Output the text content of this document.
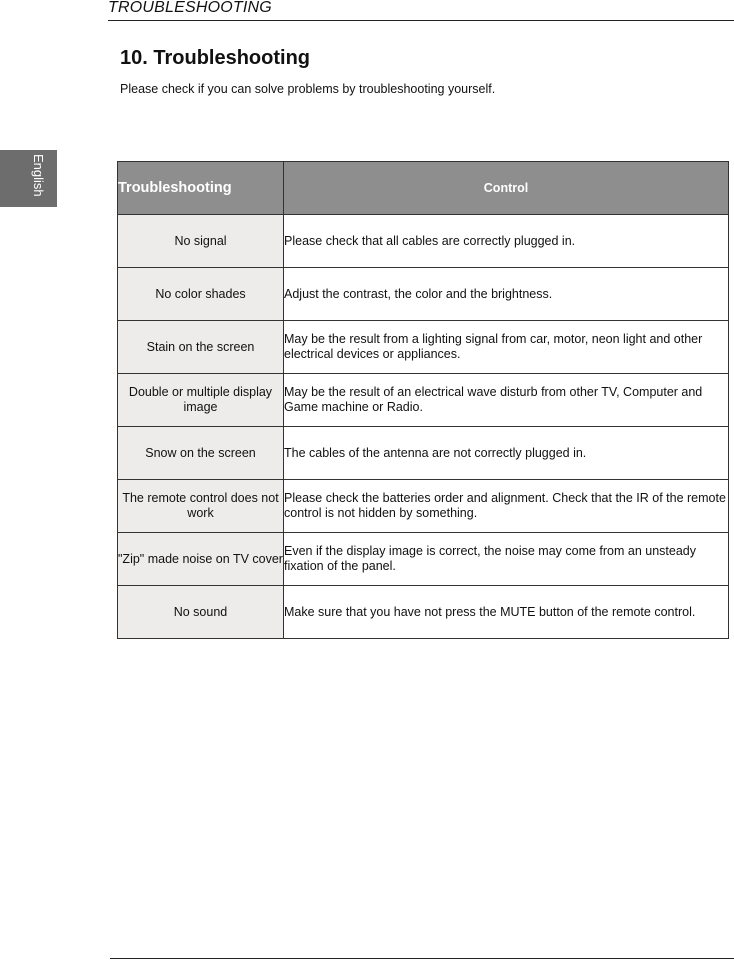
TROUBLESHOOTING
10. Troubleshooting

Please check if you can solve problems by troubleshooting yourself.

English	Troubleshooting	Control
No signal	Please check that all cables are correctly plugged in.
No color shades	Adjust the contrast, the color and the brightness.
Stain on the screen	May be the result from a lighting signal from car, motor, neon light and other electrical devices or appliances.
Double or multiple display image	May be the result of an electrical wave disturb from other TV, Computer and Game machine or Radio.
Snow on the screen	The cables of the antenna are not correctly plugged in.
The remote control does not work	Please check the batteries order and alignment. Check that the IR of the remote control is not hidden by something.
"Zip" made noise on TV cover	Even if the display image is correct, the noise may come from an unsteady fixation of the panel.
No sound	Make sure that you have not press the MUTE button of the remote control.
